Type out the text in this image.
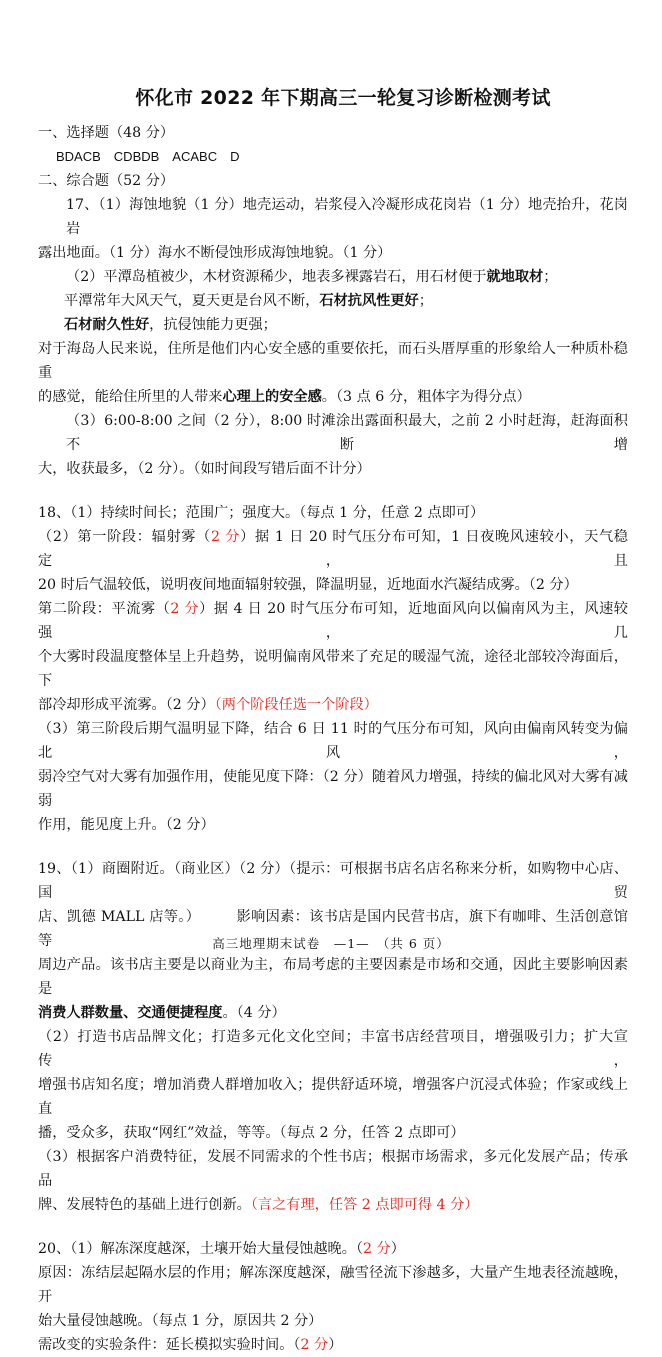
怀化市 2022 年下期高三一轮复习诊断检测考试
一、选择题（48 分）
BDACB　CDBDB　ACABC　D
二、综合题（52 分）
17、（1）海蚀地貌（1 分）地壳运动，岩浆侵入冷凝形成花岗岩（1 分）地壳抬升，花岗岩
露出地面。（1 分）海水不断侵蚀形成海蚀地貌。（1 分）
（2）平潭岛植被少，木材资源稀少，地表多裸露岩石，用石材便于就地取材；
平潭常年大风天气，夏天更是台风不断，石材抗风性更好；
石材耐久性好，抗侵蚀能力更强；
对于海岛人民来说，住所是他们内心安全感的重要依托，而石头厝厚重的形象给人一种质朴稳重
的感觉，能给住所里的人带来心理上的安全感。（3 点 6 分，粗体字为得分点）
（3）6:00-8:00 之间（2 分），8:00 时滩涂出露面积最大，之前 2 小时赶海，赶海面积不断增
大，收获最多，（2 分）。（如时间段写错后面不计分）
18、（1）持续时间长；范围广；强度大。（每点 1 分，任意 2 点即可）
（2）第一阶段：辐射雾（2 分）据 1 日 20 时气压分布可知，1 日夜晚风速较小，天气稳定，且
20 时后气温较低，说明夜间地面辐射较强，降温明显，近地面水汽凝结成雾。（2 分）
第二阶段：平流雾（2 分）据 4 日 20 时气压分布可知，近地面风向以偏南风为主，风速较强，几
个大雾时段温度整体呈上升趋势，说明偏南风带来了充足的暖湿气流，途径北部较冷海面后，下
部冷却形成平流雾。（2 分）（两个阶段任选一个阶段）
（3）第三阶段后期气温明显下降，结合 6 日 11 时的气压分布可知，风向由偏南风转变为偏北风，
弱冷空气对大雾有加强作用，使能见度下降：（2 分）随着风力增强，持续的偏北风对大雾有减弱
作用，能见度上升。（2 分）
19、（1）商圈附近。（商业区）（2 分）（提示：可根据书店名店名称来分析，如购物中心店、国贸
店、凯德 MALL 店等。）　　　影响因素：该书店是国内民营书店，旗下有咖啡、生活创意馆等
周边产品。该书店主要是以商业为主，布局考虑的主要因素是市场和交通，因此主要影响因素是
消费人群数量、交通便捷程度。（4 分）
（2）打造书店品牌文化；打造多元化文化空间；丰富书店经营项目，增强吸引力；扩大宣传，
增强书店知名度；增加消费人群增加收入；提供舒适环境，增强客户沉浸式体验；作家或线上直
播，受众多，获取“网红”效益，等等。（每点 2 分，任答 2 点即可）
（3）根据客户消费特征，发展不同需求的个性书店；根据市场需求，多元化发展产品；传承品
牌、发展特色的基础上进行创新。（言之有理，任答 2 点即可得 4 分）
20、（1）解冻深度越深，土壤开始大量侵蚀越晚。（2 分）
原因：冻结层起隔水层的作用；解冻深度越深，融雪径流下渗越多，大量产生地表径流越晚，开
始大量侵蚀越晚。（每点 1 分，原因共 2 分）
需改变的实验条件：延长模拟实验时间。（2 分）
高三地理期末试卷　—1—　（共 6 页）
